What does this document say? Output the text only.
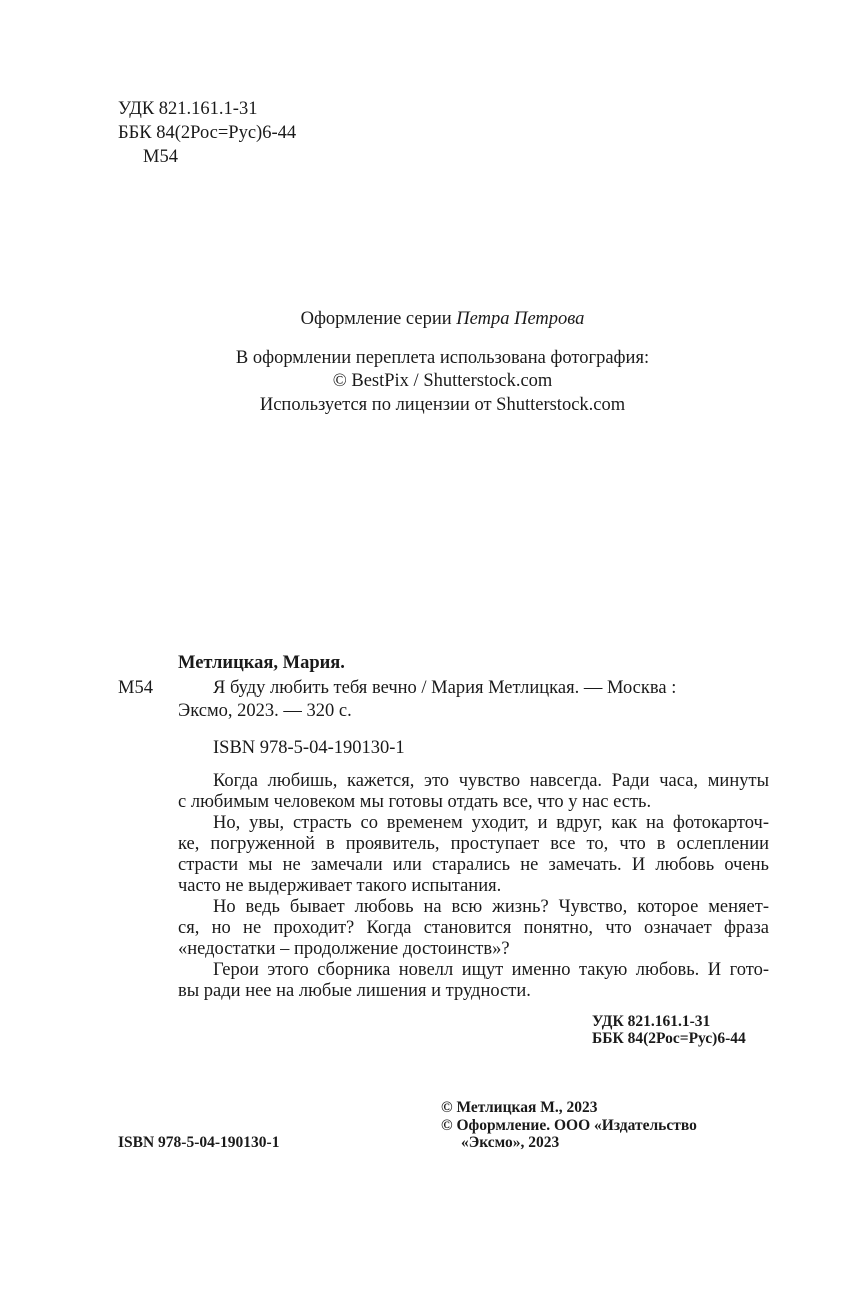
УДК 821.161.1-31
ББК 84(2Рос=Рус)6-44
М54
Оформление серии Петра Петрова
В оформлении переплета использована фотография:
© BestPix / Shutterstock.com
Используется по лицензии от Shutterstock.com
Метлицкая, Мария.
М54	Я буду любить тебя вечно / Мария Метлицкая. — Москва :
Эксмо, 2023. — 320 с.
ISBN 978-5-04-190130-1
Когда любишь, кажется, это чувство навсегда. Ради часа, минуты
с любимым человеком мы готовы отдать все, что у нас есть.
Но, увы, страсть со временем уходит, и вдруг, как на фотокарточ-
ке, погруженной в проявитель, проступает все то, что в ослеплении
страсти мы не замечали или старались не замечать. И любовь очень
часто не выдерживает такого испытания.
Но ведь бывает любовь на всю жизнь? Чувство, которое меняет-
ся, но не проходит? Когда становится понятно, что означает фраза
«недостатки – продолжение достоинств»?
Герои этого сборника новелл ищут именно такую любовь. И гото-
вы ради нее на любые лишения и трудности.
УДК 821.161.1-31
ББК 84(2Рос=Рус)6-44
ISBN 978-5-04-190130-1
© Метлицкая М., 2023
© Оформление. ООО «Издательство
«Эксмо», 2023
